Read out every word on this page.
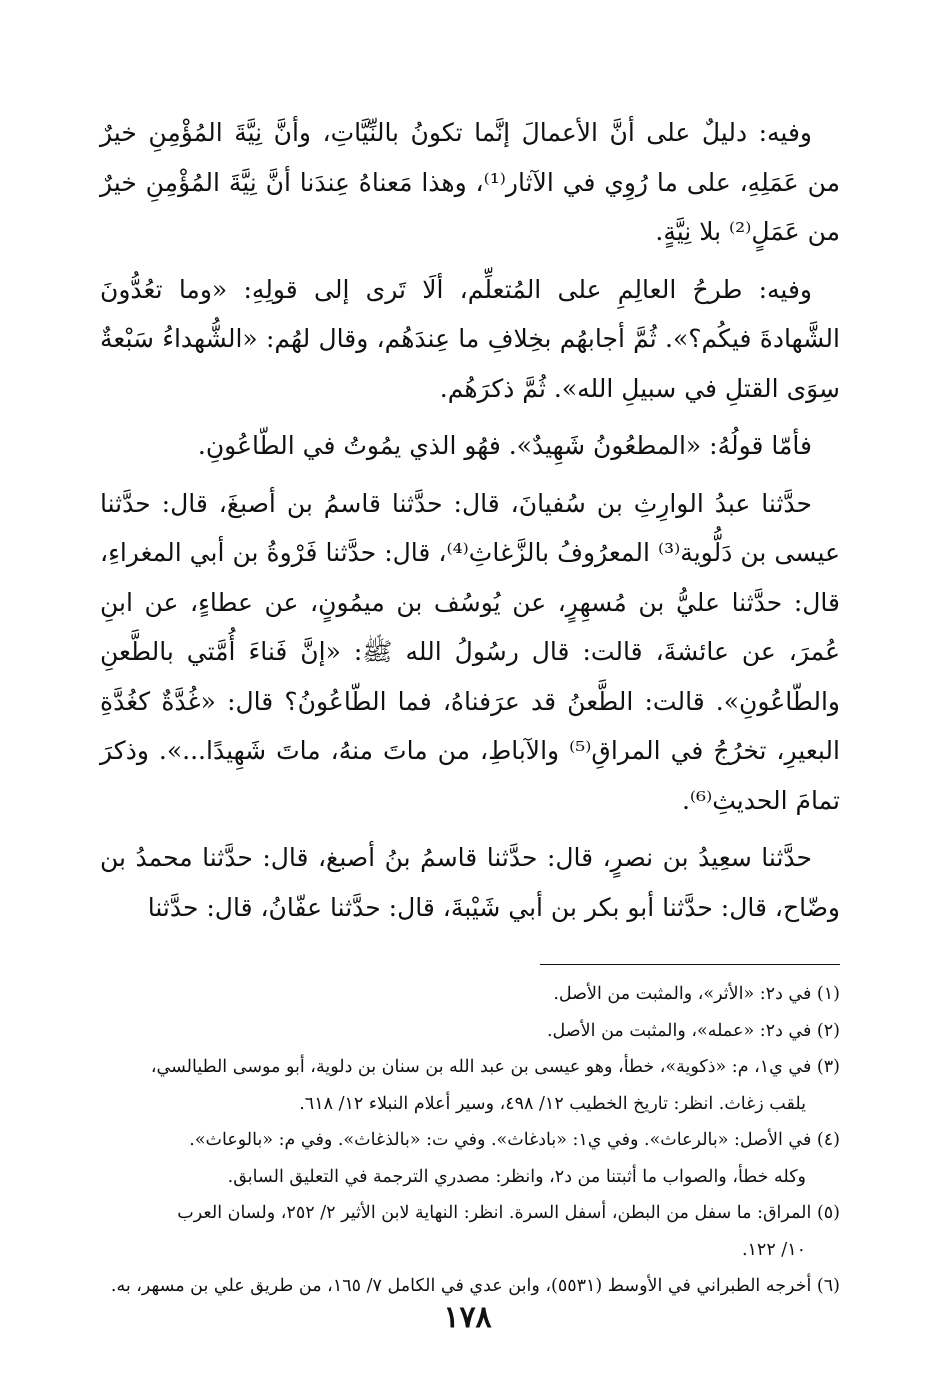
وفيه: دليلٌ على أنَّ الأعمالَ إنَّما تكونُ بالنِّيَّاتِ، وأنَّ نِيَّةَ المُؤْمِنِ خيرٌ من عَمَلِهِ، على ما رُوِي في الآثار⁽¹⁾، وهذا مَعناهُ عِندَنا أنَّ نِيَّةَ المُؤْمِنِ خيرٌ من عَمَلٍ⁽²⁾ بلا نِيَّةٍ.

وفيه: طرحُ العالِمِ على المُتعلِّم، ألَا تَرى إلى قولِهِ: «وما تعُدُّونَ الشَّهادةَ فيكُم؟». ثُمَّ أجابهُم بخِلافِ ما عِندَهُم، وقال لهُم: «الشُّهداءُ سَبْعةٌ سِوَى القتلِ في سبيلِ الله». ثُمَّ ذكرَهُم.

فأمّا قولُهُ: «المطعُونُ شَهِيدٌ». فهُو الذي يمُوتُ في الطّاعُونِ.

حدَّثنا عبدُ الوارِثِ بن سُفيانَ، قال: حدَّثنا قاسمُ بن أصبغَ، قال: حدَّثنا عيسى بن دَلُّوية⁽³⁾ المعرُوفُ بالزَّغاثِ⁽⁴⁾، قال: حدَّثنا فَرْوةُ بن أبي المغراءِ، قال: حدَّثنا عليُّ بن مُسهِرٍ، عن يُوسُف بن ميمُونٍ، عن عطاءٍ، عن ابنِ عُمرَ، عن عائشةَ، قالت: قال رسُولُ الله ﷺ: «إنَّ فَناءَ أُمَّتي بالطَّعنِ والطّاعُونِ». قالت: الطَّعنُ قد عرَفناهُ، فما الطّاعُونُ؟ قال: «غُدَّةٌ كغُدَّةِ البعيرِ، تخرُجُ في المراقِ⁽⁵⁾ والآباطِ، من ماتَ منهُ، ماتَ شَهِيدًا...». وذكرَ تمامَ الحديثِ⁽⁶⁾.

حدَّثنا سعِيدُ بن نصرٍ، قال: حدَّثنا قاسمُ بنُ أصبغ، قال: حدَّثنا محمدُ بن وضّاح، قال: حدَّثنا أبو بكر بن أبي شَيْبةَ، قال: حدَّثنا عفّانُ، قال: حدَّثنا

(١) في د٢: «الأثر»، والمثبت من الأصل.

(٢) في د٢: «عمله»، والمثبت من الأصل.

(٣) في ي١، م: «ذكوية»، خطأ، وهو عيسى بن عبد الله بن سنان بن دلوية، أبو موسى الطيالسي،

يلقب زغاث. انظر: تاريخ الخطيب ١٢/ ٤٩٨، وسير أعلام النبلاء ١٢/ ٦١٨.

(٤) في الأصل: «بالرعاث». وفي ي١: «بادغاث». وفي ت: «بالذغاث». وفي م: «بالوعاث».

وكله خطأ، والصواب ما أثبتنا من د٢، وانظر: مصدري الترجمة في التعليق السابق.

(٥) المراق: ما سفل من البطن، أسفل السرة. انظر: النهاية لابن الأثير ٢/ ٢٥٢، ولسان العرب

١٠/ ١٢٢.

(٦) أخرجه الطبراني في الأوسط (٥٥٣١)، وابن عدي في الكامل ٧/ ١٦٥، من طريق علي بن مسهر، به.

١٧٨
